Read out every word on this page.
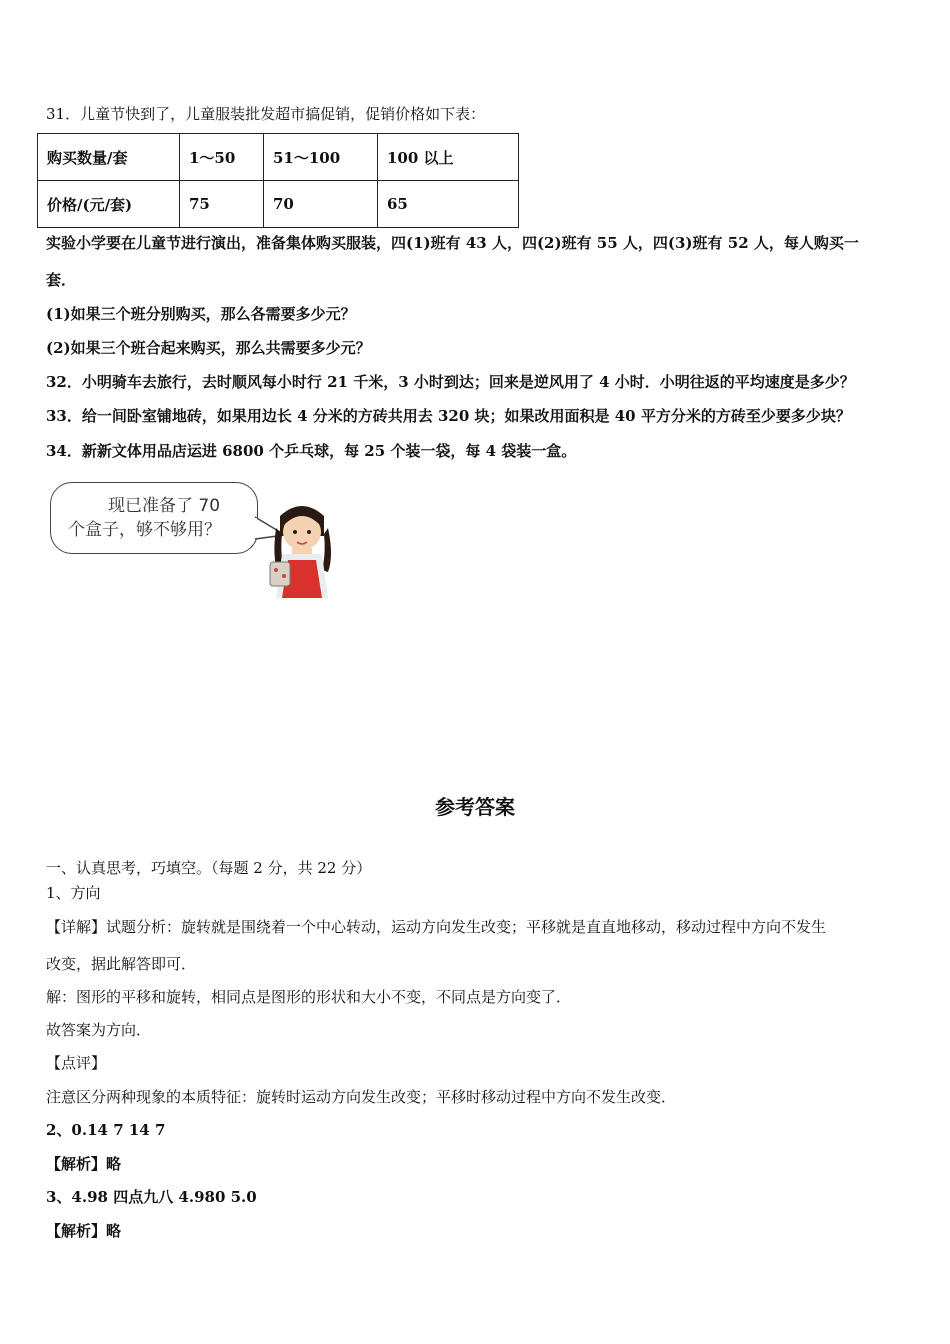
31．儿童节快到了，儿童服装批发超市搞促销，促销价格如下表：
购买数量/套	1～50	51～100	100 以上
价格/(元/套)	75	70	65
实验小学要在儿童节进行演出，准备集体购买服装，四(1)班有 43 人，四(2)班有 55 人，四(3)班有 52 人，每人购买一
套．
(1)如果三个班分别购买，那么各需要多少元？
(2)如果三个班合起来购买，那么共需要多少元？
32．小明骑车去旅行，去时顺风每小时行 21 千米，3 小时到达；回来是逆风用了 4 小时．小明往返的平均速度是多少？
33．给一间卧室铺地砖，如果用边长 4 分米的方砖共用去 320 块；如果改用面积是 40 平方分米的方砖至少要多少块？
34．新新文体用品店运进 6800 个乒乓球，每 25 个装一袋，每 4 袋装一盒。
现已准备了 70
个盒子，够不够用？
参考答案
一、认真思考，巧填空。（每题 2 分，共 22 分）
1、方向
【详解】试题分析：旋转就是围绕着一个中心转动，运动方向发生改变；平移就是直直地移动，移动过程中方向不发生
改变，据此解答即可．
解：图形的平移和旋转，相同点是图形的形状和大小不变，不同点是方向变了．
故答案为方向．
【点评】
注意区分两种现象的本质特征：旋转时运动方向发生改变；平移时移动过程中方向不发生改变．
2、0.14 7 14 7
【解析】略
3、4.98 四点九八 4.980 5.0
【解析】略
